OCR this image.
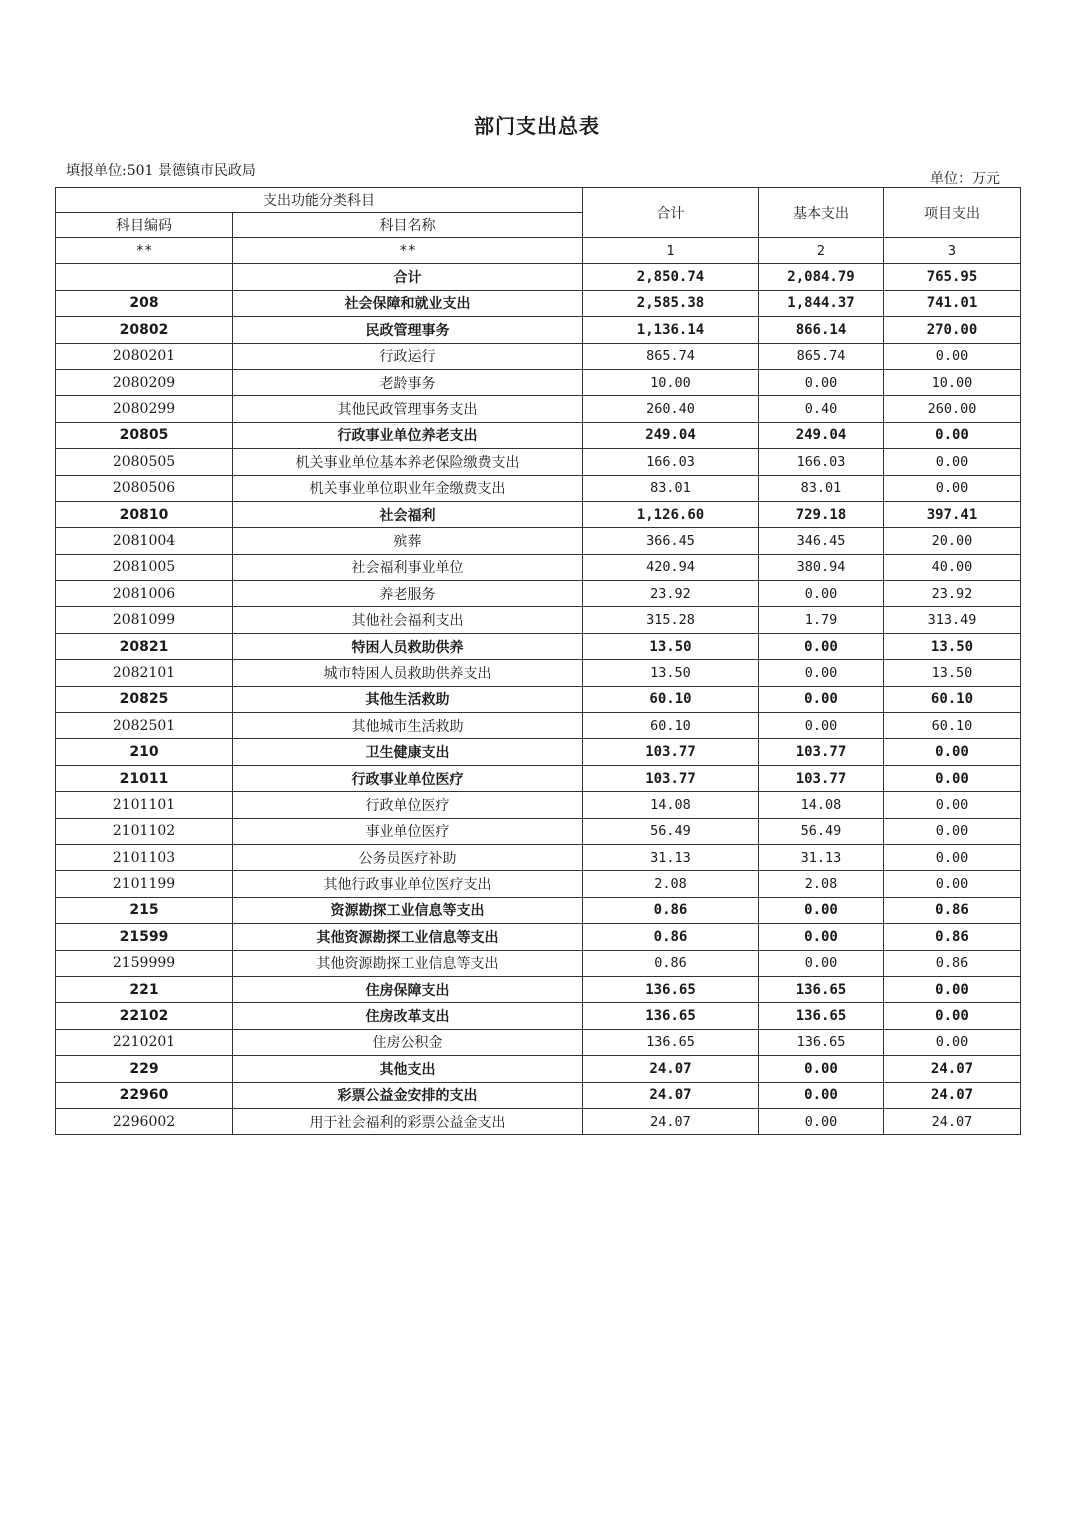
部门支出总表
填报单位:501 景德镇市民政局	单位：万元
支出功能分类科目		合计	基本支出	项目支出
科目编码	科目名称			
**	**	1	2	3
	合计	2,850.74	2,084.79	765.95
208	社会保障和就业支出	2,585.38	1,844.37	741.01
20802	民政管理事务	1,136.14	866.14	270.00
2080201	行政运行	865.74	865.74	0.00
2080209	老龄事务	10.00	0.00	10.00
2080299	其他民政管理事务支出	260.40	0.40	260.00
20805	行政事业单位养老支出	249.04	249.04	0.00
2080505	机关事业单位基本养老保险缴费支出	166.03	166.03	0.00
2080506	机关事业单位职业年金缴费支出	83.01	83.01	0.00
20810	社会福利	1,126.60	729.18	397.41
2081004	殡葬	366.45	346.45	20.00
2081005	社会福利事业单位	420.94	380.94	40.00
2081006	养老服务	23.92	0.00	23.92
2081099	其他社会福利支出	315.28	1.79	313.49
20821	特困人员救助供养	13.50	0.00	13.50
2082101	城市特困人员救助供养支出	13.50	0.00	13.50
20825	其他生活救助	60.10	0.00	60.10
2082501	其他城市生活救助	60.10	0.00	60.10
210	卫生健康支出	103.77	103.77	0.00
21011	行政事业单位医疗	103.77	103.77	0.00
2101101	行政单位医疗	14.08	14.08	0.00
2101102	事业单位医疗	56.49	56.49	0.00
2101103	公务员医疗补助	31.13	31.13	0.00
2101199	其他行政事业单位医疗支出	2.08	2.08	0.00
215	资源勘探工业信息等支出	0.86	0.00	0.86
21599	其他资源勘探工业信息等支出	0.86	0.00	0.86
2159999	其他资源勘探工业信息等支出	0.86	0.00	0.86
221	住房保障支出	136.65	136.65	0.00
22102	住房改革支出	136.65	136.65	0.00
2210201	住房公积金	136.65	136.65	0.00
229	其他支出	24.07	0.00	24.07
22960	彩票公益金安排的支出	24.07	0.00	24.07
2296002	用于社会福利的彩票公益金支出	24.07	0.00	24.07
